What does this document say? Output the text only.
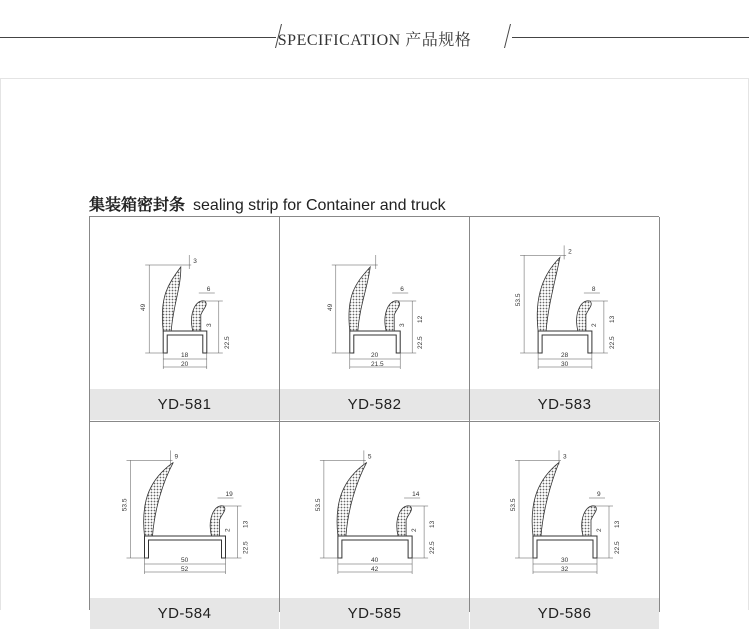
SPECIFICATION 产品规格
集装箱密封条 sealing strip for Container and truck
3
6
49
3
22.5
18
20
YD-581
6
49
12
3
22.5
20
21.5
YD-582
2
8
53.5
13
2
22.5
28
30
YD-583
9
19
53.5
13
2
22.5
50
52
YD-584
5
14
53.5
13
2
22.5
40
42
YD-585
3
9
53.5
13
2
22.5
30
32
YD-586
